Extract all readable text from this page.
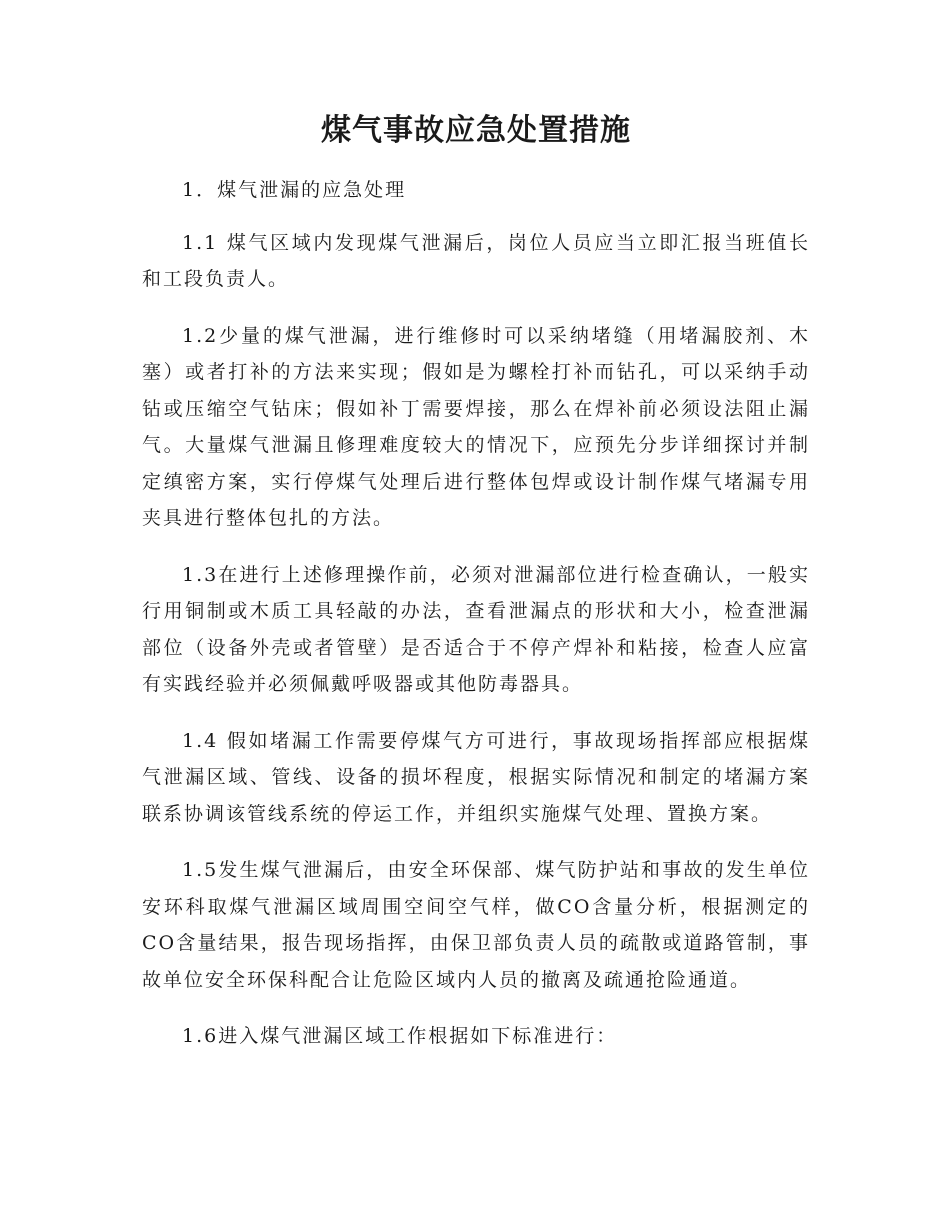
煤气事故应急处置措施

1．煤气泄漏的应急处理

1.1 煤气区域内发现煤气泄漏后，岗位人员应当立即汇报当班值长和工段负责人。

1.2少量的煤气泄漏，进行维修时可以采纳堵缝（用堵漏胶剂、木塞）或者打补的方法来实现；假如是为螺栓打补而钻孔，可以采纳手动钻或压缩空气钻床；假如补丁需要焊接，那么在焊补前必须设法阻止漏气。大量煤气泄漏且修理难度较大的情况下，应预先分步详细探讨并制定缜密方案，实行停煤气处理后进行整体包焊或设计制作煤气堵漏专用夹具进行整体包扎的方法。

1.3在进行上述修理操作前，必须对泄漏部位进行检查确认，一般实行用铜制或木质工具轻敲的办法，查看泄漏点的形状和大小，检查泄漏部位（设备外壳或者管壁）是否适合于不停产焊补和粘接，检查人应富有实践经验并必须佩戴呼吸器或其他防毒器具。

1.4 假如堵漏工作需要停煤气方可进行，事故现场指挥部应根据煤气泄漏区域、管线、设备的损坏程度，根据实际情况和制定的堵漏方案联系协调该管线系统的停运工作，并组织实施煤气处理、置换方案。

1.5发生煤气泄漏后，由安全环保部、煤气防护站和事故的发生单位安环科取煤气泄漏区域周围空间空气样，做CO含量分析，根据测定的CO含量结果，报告现场指挥，由保卫部负责人员的疏散或道路管制，事故单位安全环保科配合让危险区域内人员的撤离及疏通抢险通道。

1.6进入煤气泄漏区域工作根据如下标准进行：
